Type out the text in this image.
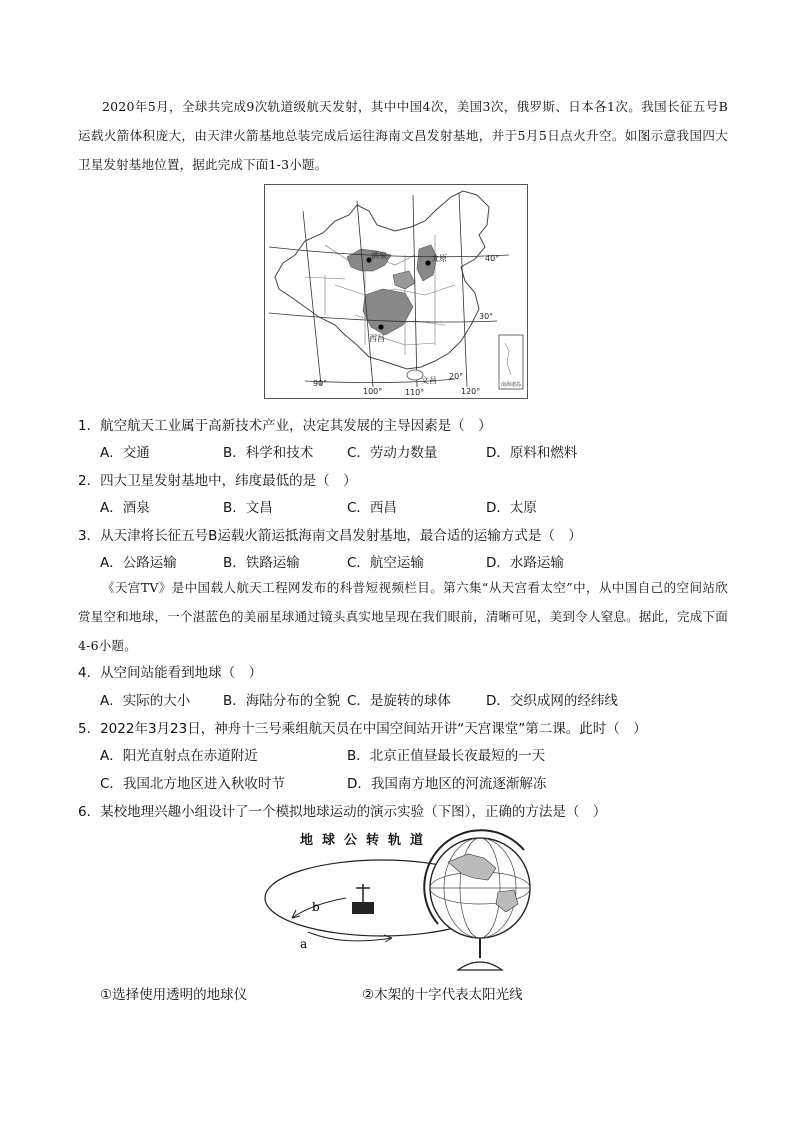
2020年5月，全球共完成9次轨道级航天发射，其中中国4次，美国3次，俄罗斯、日本各1次。我国长征五号B运载火箭体积庞大，由天津火箭基地总装完成后运往海南文昌发射基地，并于5月5日点火升空。如图示意我国四大卫星发射基地位置，据此完成下面1-3小题。
南海诸岛
酒泉	太原
西昌
文昌
40°
30°
20°
90°
100°	110°	120°
1．航空航天工业属于高新技术产业，决定其发展的主导因素是（　）
A．交通	B．科学和技术 C．劳动力数量	D．原料和燃料
2．四大卫星发射基地中，纬度最低的是（　）
A．酒泉	B．文昌	C．西昌	D．太原
3．从天津将长征五号B运载火箭运抵海南文昌发射基地，最合适的运输方式是（　）
A．公路运输	B．铁路运输	C．航空运输	D．水路运输
《天宫TV》是中国载人航天工程网发布的科普短视频栏目。第六集“从天宫看太空”中，从中国自己的空间站欣赏星空和地球，一个湛蓝色的美丽星球通过镜头真实地呈现在我们眼前，清晰可见，美到令人窒息。据此，完成下面4-6小题。
4．从空间站能看到地球（　）
A．实际的大小 B．海陆分布的全貌 C．是旋转的球体	D．交织成网的经纬线
5．2022年3月23日，神舟十三号乘组航天员在中国空间站开讲“天宫课堂”第二课。此时（　）
A．阳光直射点在赤道附近	B．北京正值昼最长夜最短的一天
C．我国北方地区进入秋收时节	D．我国南方地区的河流逐渐解冻
6．某校地理兴趣小组设计了一个模拟地球运动的演示实验（下图），正确的方法是（　）
地球公转轨道
a
b
①选择使用透明的地球仪	②木架的十字代表太阳光线
